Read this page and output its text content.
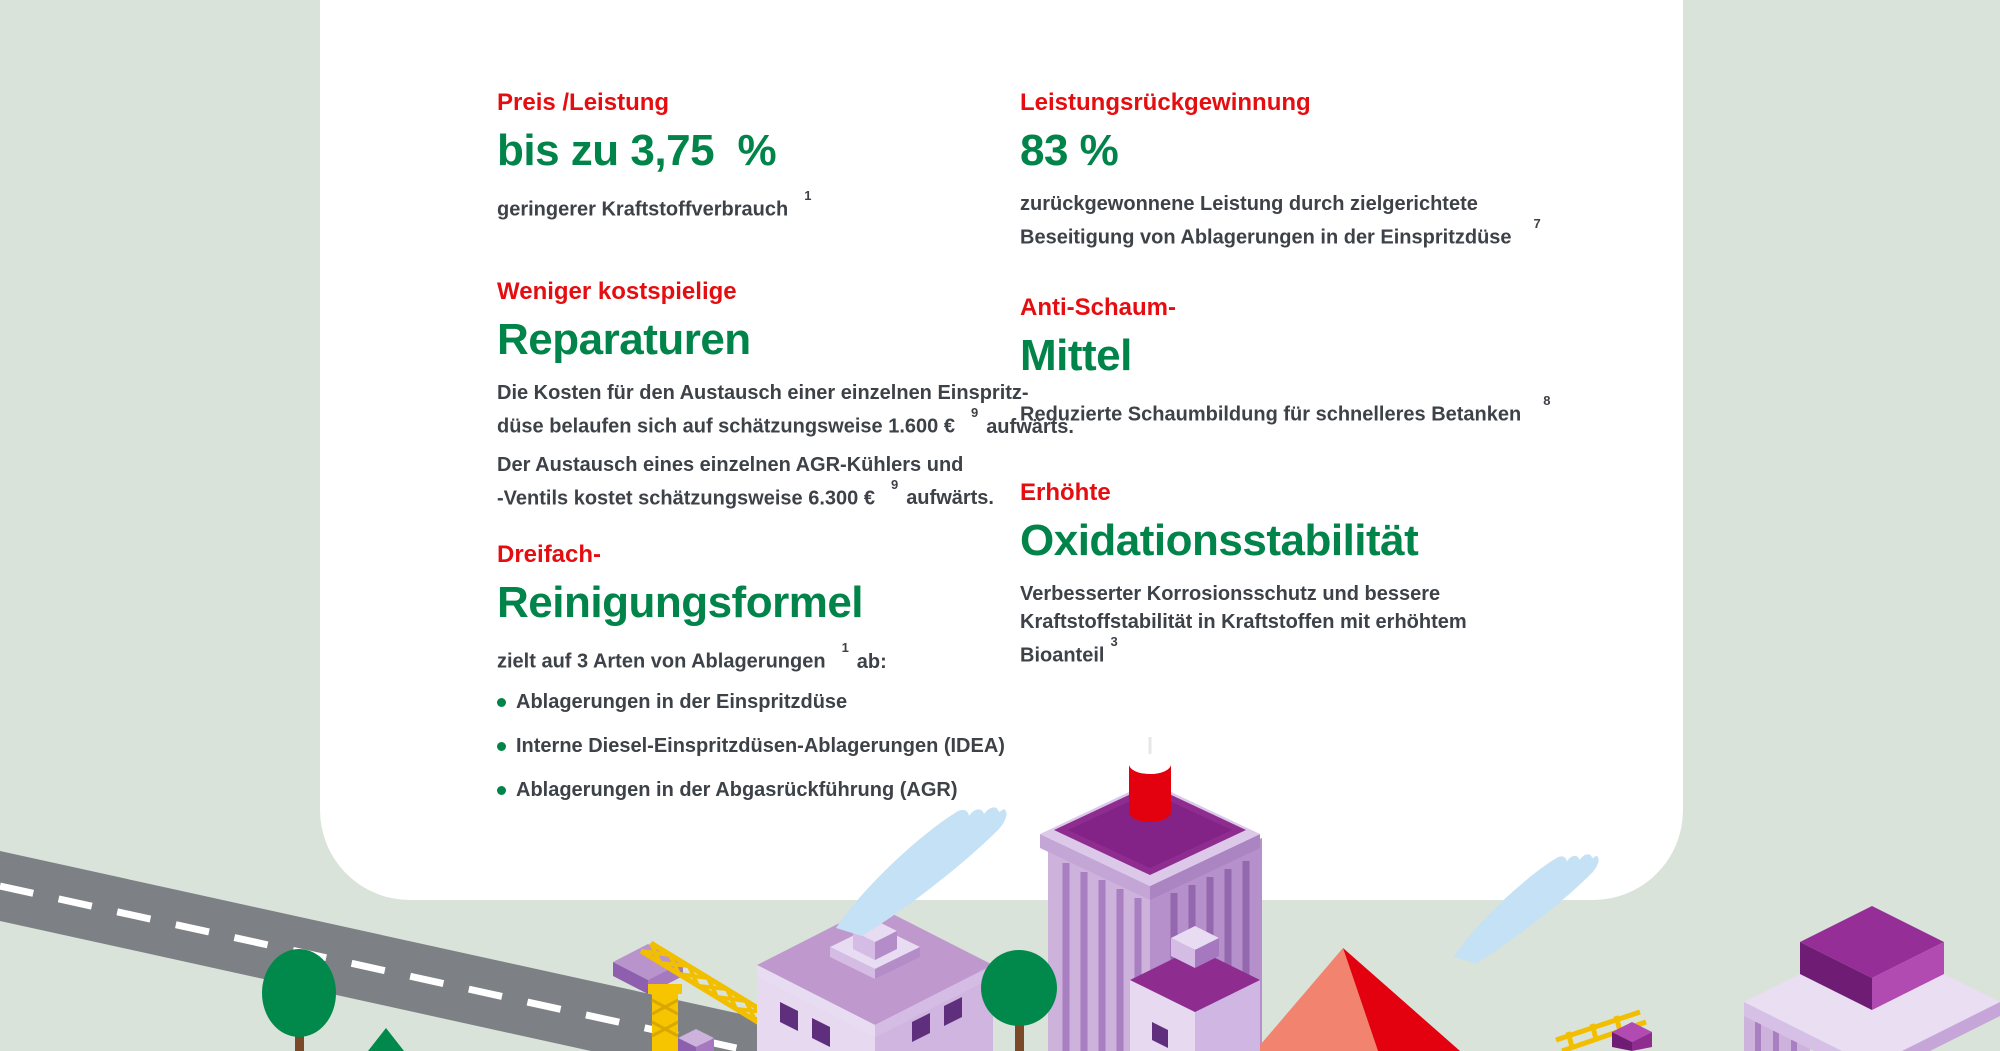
Preis /Leistung
bis zu 3,75  %

geringerer Kraftstoffverbrauch$^1$

Weniger kostspielige
Reparaturen

Die Kosten für den Austausch einer einzelnen Einspritz-
düse belaufen sich auf schätzungsweise 1.600 €$^9$aufwärts.

Der Austausch eines einzelnen AGR-Kühlers und
-Ventils kostet schätzungsweise 6.300 €$^9$aufwärts.

Dreifach-
Reinigungsformel

zielt auf 3 Arten von Ablagerungen$^1$ab:

Ablagerungen in der Einspritzdüse
Interne Diesel-Einspritzdüsen-Ablagerungen (IDEA)
Ablagerungen in der Abgasrückführung (AGR)
Leistungsrückgewinnung
83 %

zurückgewonnene Leistung durch zielgerichtete
Beseitigung von Ablagerungen in der Einspritzdüse$^7$

Anti-Schaum-
Mittel

Reduzierte Schaumbildung für schnelleres Betanken$^8$

Erhöhte
Oxidationsstabilität

Verbesserter Korrosionsschutz und bessere
Kraftstoffstabilität in Kraftstoffen mit erhöhtem
Bioanteil$^3$
